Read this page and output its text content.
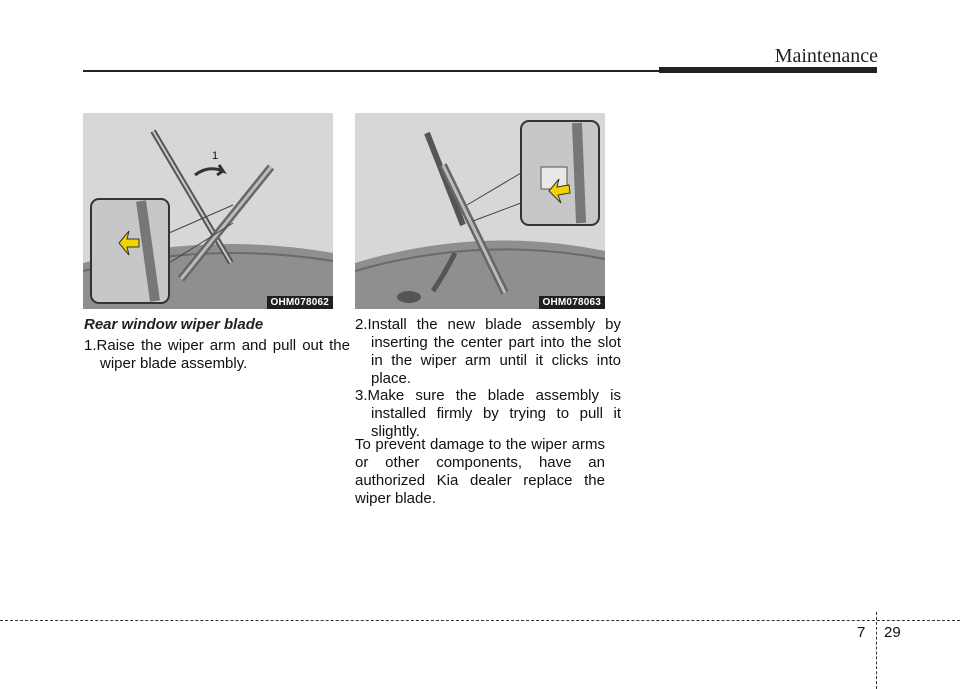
Maintenance
1
OHM078062	OHM078063
Rear window wiper blade
1.Raise the wiper arm and pull out the wiper blade assembly.
2.Install the new blade assembly by inserting the center part into the slot in the wiper arm until it clicks into place.
3.Make sure the blade assembly is installed firmly by trying to pull it slightly.
To prevent damage to the wiper arms or other components, have an authorized Kia dealer replace the wiper blade.
7 29
